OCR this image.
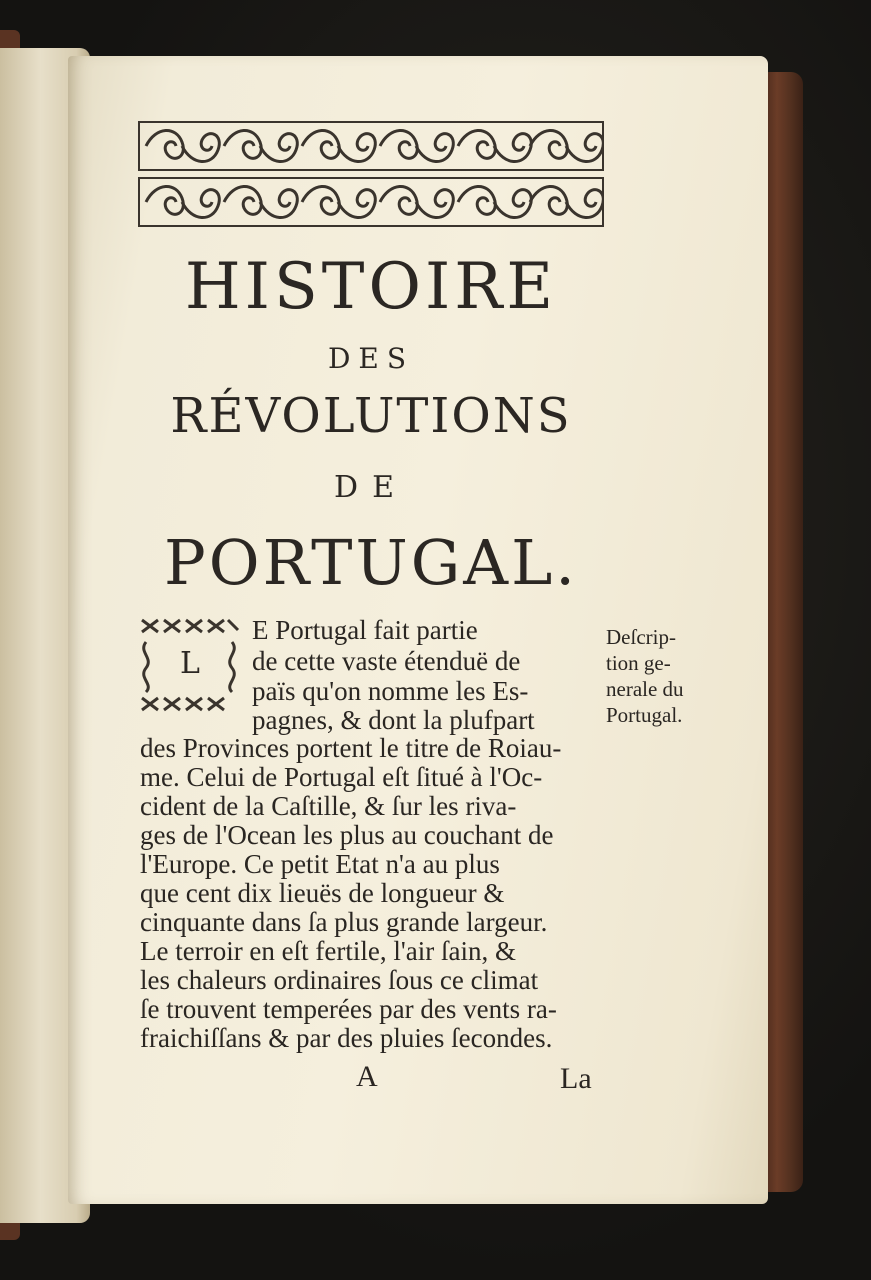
HISTOIRE
DES
RÉVOLUTIONS
DE
PORTUGAL.
L

E Portugal fait partie

de cette vaste étenduë de

païs qu'on nomme les Es-

pagnes, & dont la plufpart

des Provinces portent le titre de Roiau-

me. Celui de Portugal eſt ſitué à l'Oc-

cident de la Caſtille, & ſur les riva-

ges de l'Ocean les plus au couchant de

l'Europe. Ce petit Etat n'a au plus

que cent dix lieuës de longueur &

cinquante dans ſa plus grande largeur.

Le terroir en eſt fertile, l'air ſain, &

les chaleurs ordinaires ſous ce climat

ſe trouvent temperées par des vents ra-

fraichiſſans & par des pluies ſecondes.

Deſcrip-

tion ge-

nerale du

Portugal.

A	La
